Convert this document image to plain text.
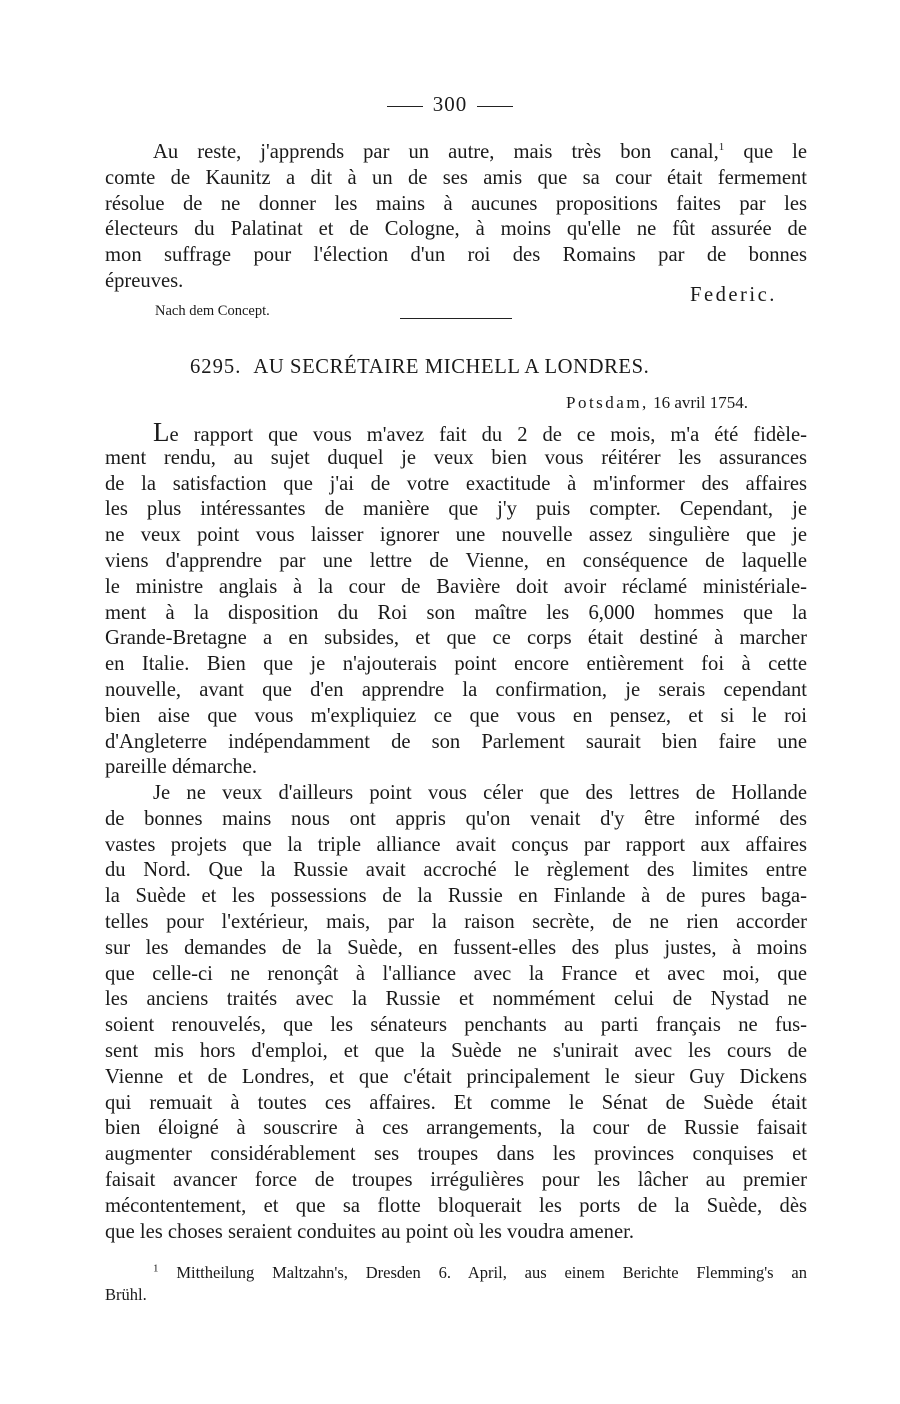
300
Au reste, j'apprends par un autre, mais très bon canal,$^1$ que le
comte de Kaunitz a dit à un de ses amis que sa cour était fermement
résolue de ne donner les mains à aucunes propositions faites par les
électeurs du Palatinat et de Cologne, à moins qu'elle ne fût assurée de
mon suffrage pour l'élection d'un roi des Romains par de bonnes
épreuves.
Federic.
Nach dem Concept.
6295. AU SECRÉTAIRE MICHELL A LONDRES.
Potsdam, 16 avril 1754.
Le rapport que vous m'avez fait du 2 de ce mois, m'a été fidèle-
ment rendu, au sujet duquel je veux bien vous réitérer les assurances
de la satisfaction que j'ai de votre exactitude à m'informer des affaires
les plus intéressantes de manière que j'y puis compter. Cependant, je
ne veux point vous laisser ignorer une nouvelle assez singulière que je
viens d'apprendre par une lettre de Vienne, en conséquence de laquelle
le ministre anglais à la cour de Bavière doit avoir réclamé ministériale-
ment à la disposition du Roi son maître les 6,000 hommes que la
Grande-Bretagne a en subsides, et que ce corps était destiné à marcher
en Italie. Bien que je n'ajouterais point encore entièrement foi à cette
nouvelle, avant que d'en apprendre la confirmation, je serais cependant
bien aise que vous m'expliquiez ce que vous en pensez, et si le roi
d'Angleterre indépendamment de son Parlement saurait bien faire une
pareille démarche.
Je ne veux d'ailleurs point vous céler que des lettres de Hollande
de bonnes mains nous ont appris qu'on venait d'y être informé des
vastes projets que la triple alliance avait conçus par rapport aux affaires
du Nord. Que la Russie avait accroché le règlement des limites entre
la Suède et les possessions de la Russie en Finlande à de pures baga-
telles pour l'extérieur, mais, par la raison secrète, de ne rien accorder
sur les demandes de la Suède, en fussent-elles des plus justes, à moins
que celle-ci ne renonçât à l'alliance avec la France et avec moi, que
les anciens traités avec la Russie et nommément celui de Nystad ne
soient renouvelés, que les sénateurs penchants au parti français ne fus-
sent mis hors d'emploi, et que la Suède ne s'unirait avec les cours de
Vienne et de Londres, et que c'était principalement le sieur Guy Dickens
qui remuait à toutes ces affaires. Et comme le Sénat de Suède était
bien éloigné à souscrire à ces arrangements, la cour de Russie faisait
augmenter considérablement ses troupes dans les provinces conquises et
faisait avancer force de troupes irrégulières pour les lâcher au premier
mécontentement, et que sa flotte bloquerait les ports de la Suède, dès
que les choses seraient conduites au point où les voudra amener.
$^1$ Mittheilung Maltzahn's, Dresden 6. April, aus einem Berichte Flemming's an
Brühl.
